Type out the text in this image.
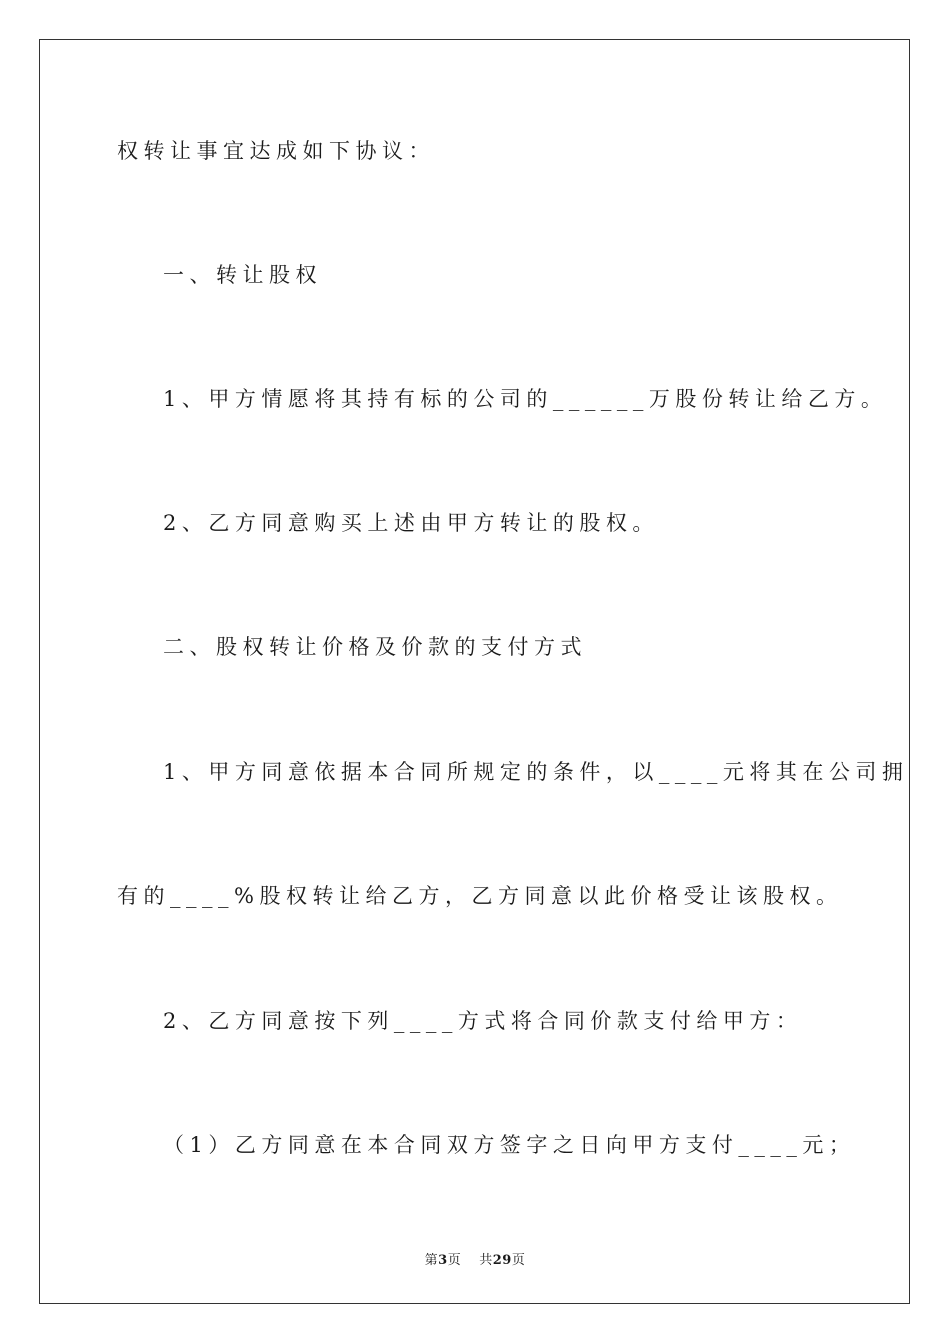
权转让事宜达成如下协议：
一、转让股权
1、甲方情愿将其持有标的公司的______万股份转让给乙方。
2、乙方同意购买上述由甲方转让的股权。
二、股权转让价格及价款的支付方式
1、甲方同意依据本合同所规定的条件，以____元将其在公司拥
有的____%股权转让给乙方，乙方同意以此价格受让该股权。
2、乙方同意按下列____方式将合同价款支付给甲方：
（1）乙方同意在本合同双方签字之日向甲方支付____元；
第3页 共29页
